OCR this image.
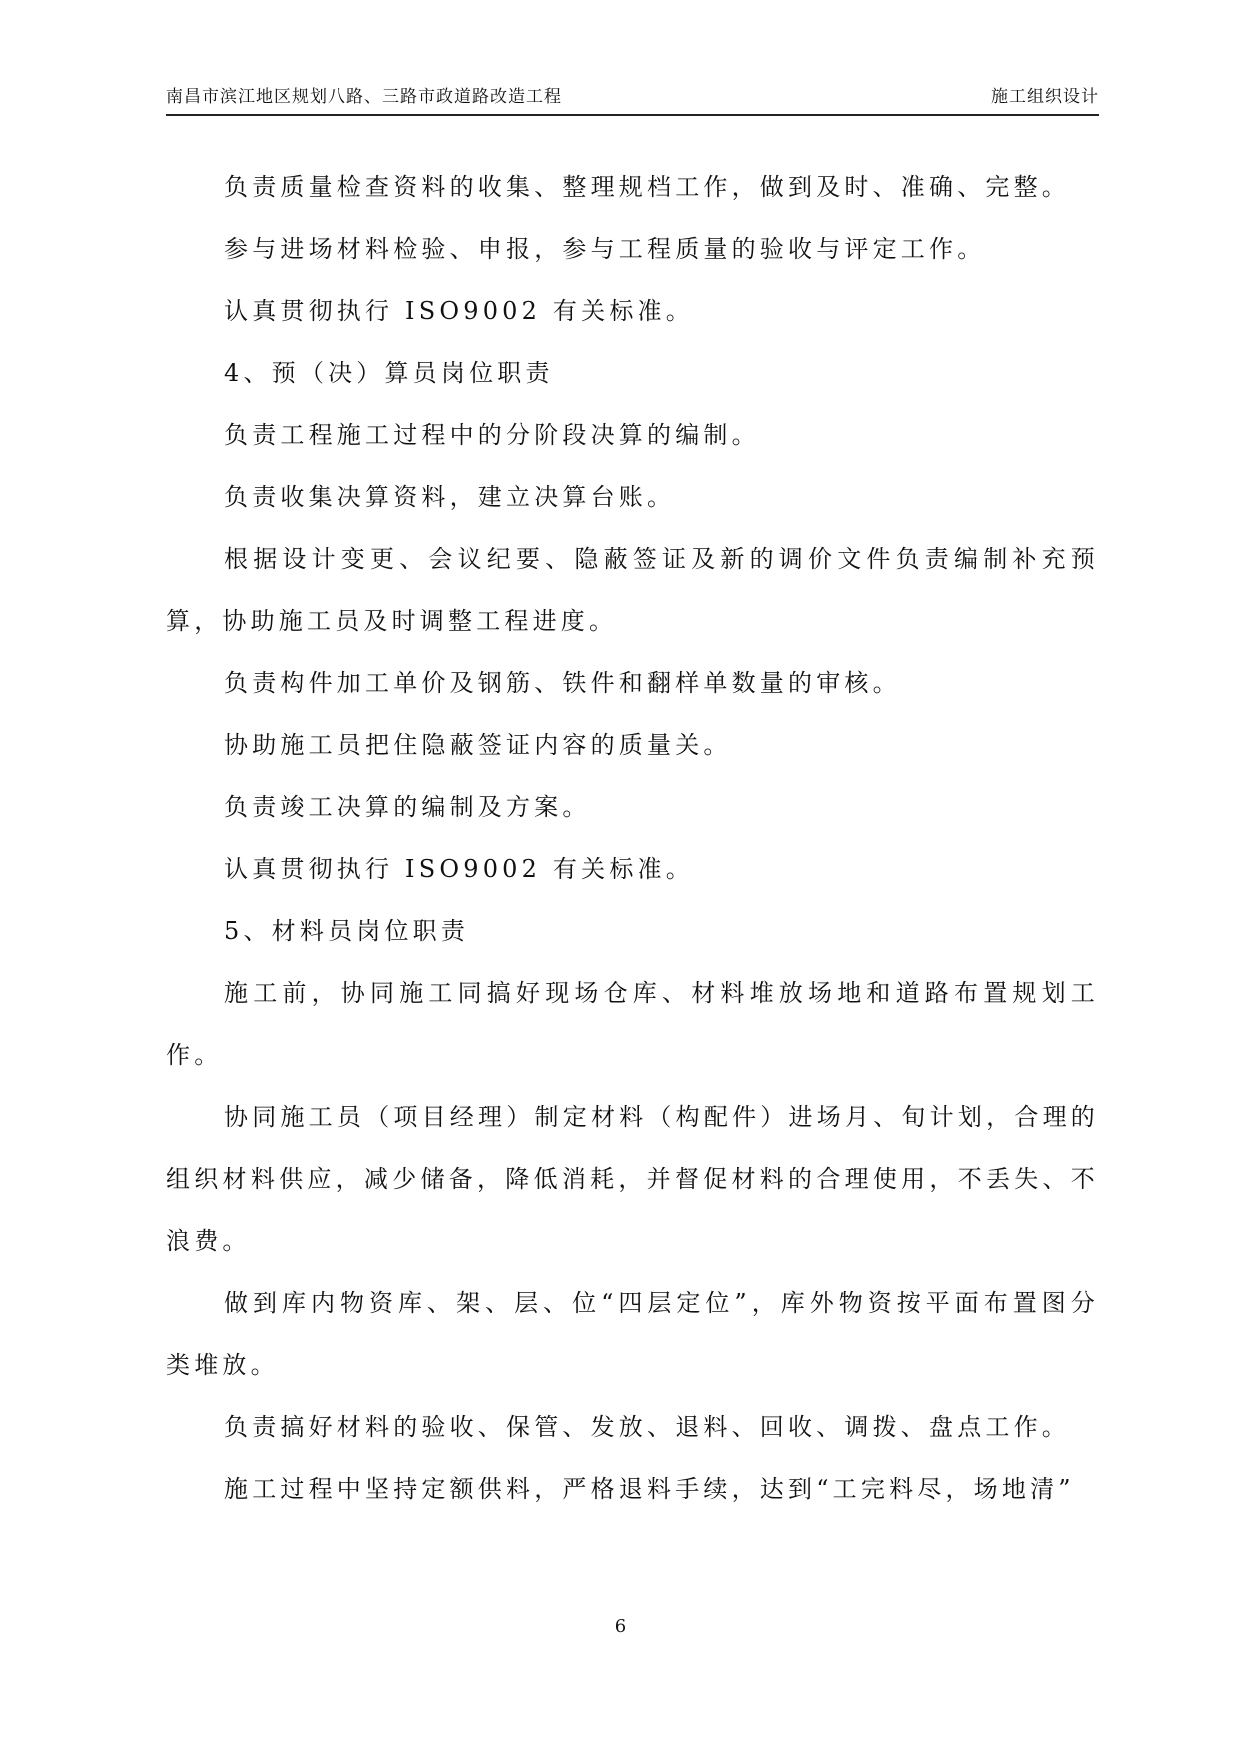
南昌市滨江地区规划八路、三路市政道路改造工程	施工组织设计

负责质量检查资料的收集、整理规档工作，做到及时、准确、完整。

参与进场材料检验、申报，参与工程质量的验收与评定工作。

认真贯彻执行 ISO9002 有关标准。

4、预（决）算员岗位职责

负责工程施工过程中的分阶段决算的编制。

负责收集决算资料，建立决算台账。

根据设计变更、会议纪要、隐蔽签证及新的调价文件负责编制补充预算，协助施工员及时调整工程进度。

负责构件加工单价及钢筋、铁件和翻样单数量的审核。

协助施工员把住隐蔽签证内容的质量关。

负责竣工决算的编制及方案。

认真贯彻执行 ISO9002 有关标准。

5、材料员岗位职责

施工前，协同施工同搞好现场仓库、材料堆放场地和道路布置规划工作。

协同施工员（项目经理）制定材料（构配件）进场月、旬计划，合理的组织材料供应，减少储备，降低消耗，并督促材料的合理使用，不丢失、不浪费。

做到库内物资库、架、层、位“四层定位”，库外物资按平面布置图分类堆放。

负责搞好材料的验收、保管、发放、退料、回收、调拨、盘点工作。

施工过程中坚持定额供料，严格退料手续，达到“工完料尽，场地清”

6
